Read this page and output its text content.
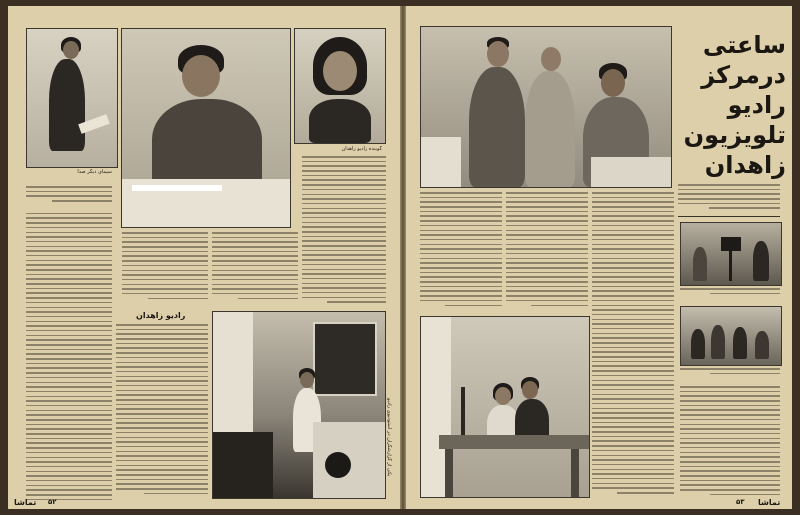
سیمای دیگر صدا
گوینده رادیو زاهدان
رادیو زاهدان
یکی از گزارشگران در استودیوی رادیو
تماشا ۵۲
ساعتی
درمرکز
رادیو
تلویزیون
زاهدان
۵۳ تماشا
